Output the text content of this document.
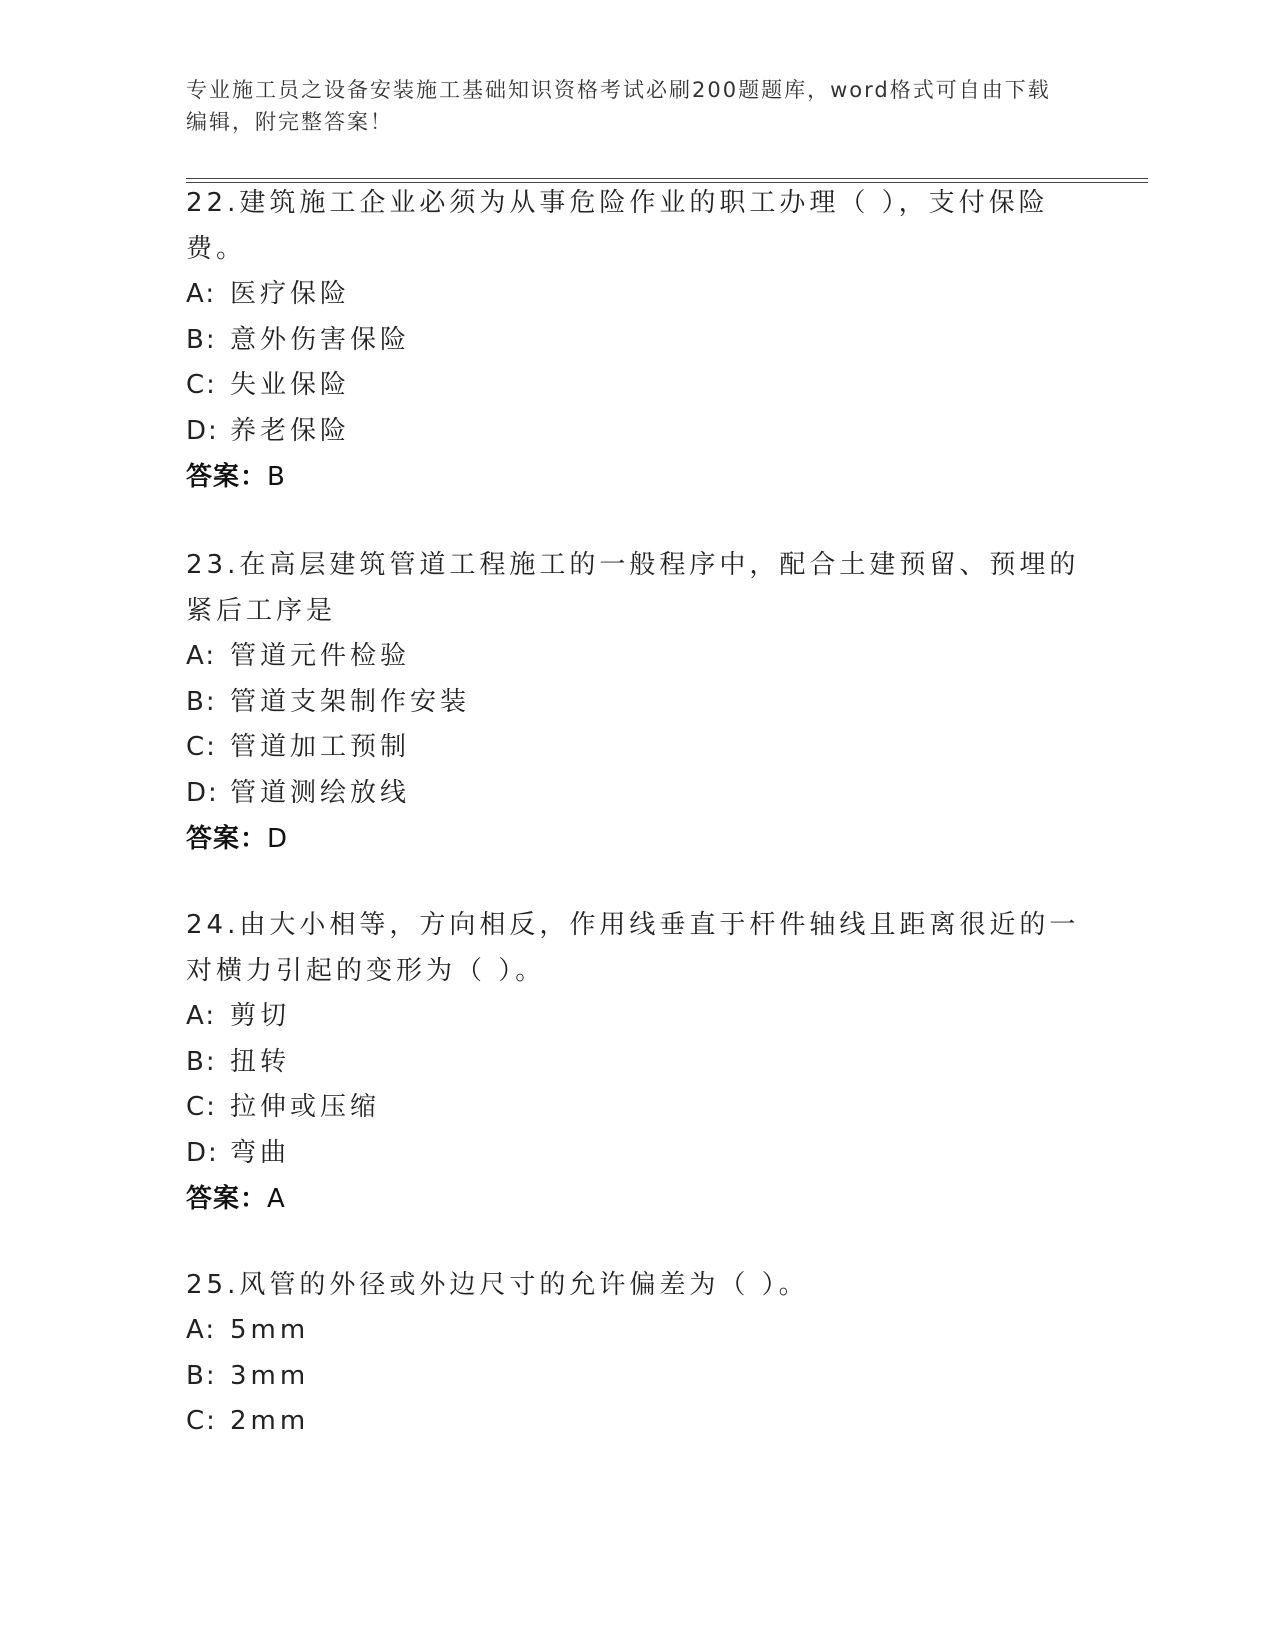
专业施工员之设备安装施工基础知识资格考试必刷200题题库，word格式可自由下载编辑，附完整答案！

22.建筑施工企业必须为从事危险作业的职工办理（ ），支付保险费。

A: 医疗保险

B: 意外伤害保险

C: 失业保险

D: 养老保险

答案：B

23.在高层建筑管道工程施工的一般程序中，配合土建预留、预埋的紧后工序是

A: 管道元件检验

B: 管道支架制作安装

C: 管道加工预制

D: 管道测绘放线

答案：D

24.由大小相等，方向相反，作用线垂直于杆件轴线且距离很近的一对横力引起的变形为（ ）。

A: 剪切

B: 扭转

C: 拉伸或压缩

D: 弯曲

答案：A

25.风管的外径或外边尺寸的允许偏差为（ ）。

A: 5mm

B: 3mm

C: 2mm
